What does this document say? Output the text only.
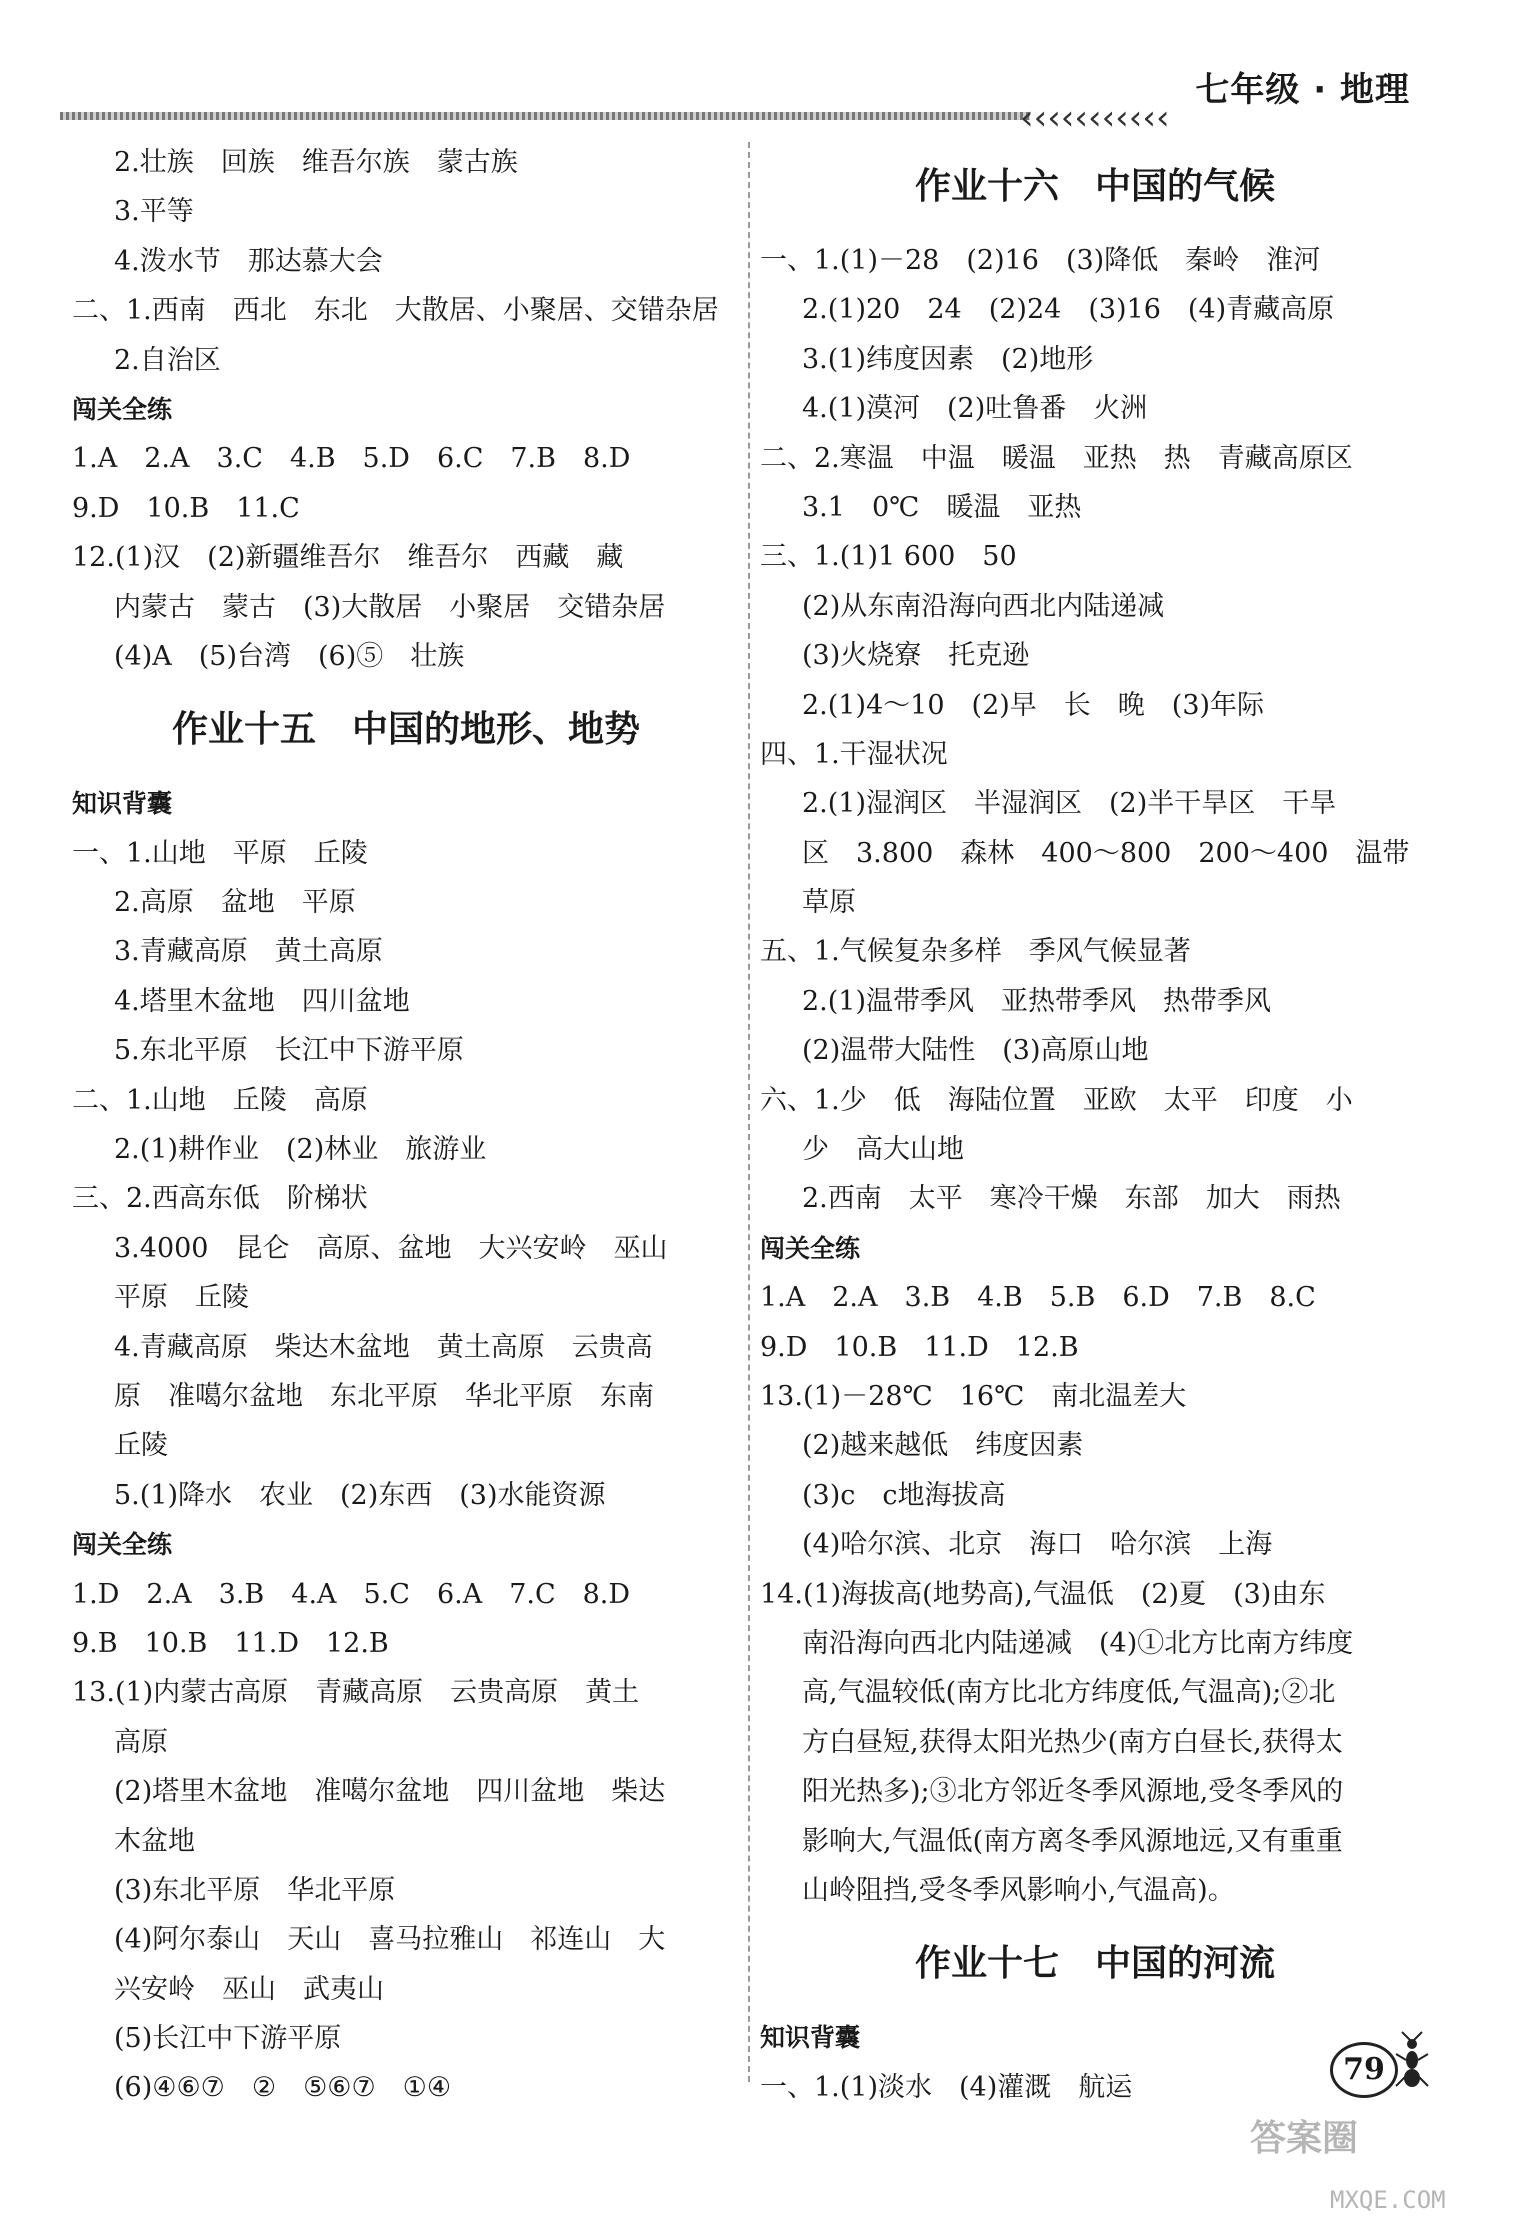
七年级 · 地理
‹‹‹‹‹‹‹‹‹‹‹
2.壮族　回族　维吾尔族　蒙古族
3.平等
4.泼水节　那达慕大会
二、1.西南　西北　东北　大散居、小聚居、交错杂居
2.自治区
闯关全练
1.A　2.A　3.C　4.B　5.D　6.C　7.B　8.D
9.D　10.B　11.C
12.(1)汉　(2)新疆维吾尔　维吾尔　西藏　藏
内蒙古　蒙古　(3)大散居　小聚居　交错杂居
(4)A　(5)台湾　(6)⑤　壮族
作业十五　中国的地形、地势
知识背囊
一、1.山地　平原　丘陵
2.高原　盆地　平原
3.青藏高原　黄土高原
4.塔里木盆地　四川盆地
5.东北平原　长江中下游平原
二、1.山地　丘陵　高原
2.(1)耕作业　(2)林业　旅游业
三、2.西高东低　阶梯状
3.4000　昆仑　高原、盆地　大兴安岭　巫山
平原　丘陵
4.青藏高原　柴达木盆地　黄土高原　云贵高
原　准噶尔盆地　东北平原　华北平原　东南
丘陵
5.(1)降水　农业　(2)东西　(3)水能资源
闯关全练
1.D　2.A　3.B　4.A　5.C　6.A　7.C　8.D
9.B　10.B　11.D　12.B
13.(1)内蒙古高原　青藏高原　云贵高原　黄土
高原
(2)塔里木盆地　准噶尔盆地　四川盆地　柴达
木盆地
(3)东北平原　华北平原
(4)阿尔泰山　天山　喜马拉雅山　祁连山　大
兴安岭　巫山　武夷山
(5)长江中下游平原
(6)④⑥⑦　②　⑤⑥⑦　①④
作业十六　中国的气候
一、1.(1)－28　(2)16　(3)降低　秦岭　淮河
2.(1)20　24　(2)24　(3)16　(4)青藏高原
3.(1)纬度因素　(2)地形
4.(1)漠河　(2)吐鲁番　火洲
二、2.寒温　中温　暖温　亚热　热　青藏高原区
3.1　0℃　暖温　亚热
三、1.(1)1 600　50
(2)从东南沿海向西北内陆递减
(3)火烧寮　托克逊
2.(1)4～10　(2)早　长　晚　(3)年际
四、1.干湿状况
2.(1)湿润区　半湿润区　(2)半干旱区　干旱
区　3.800　森林　400～800　200～400　温带
草原
五、1.气候复杂多样　季风气候显著
2.(1)温带季风　亚热带季风　热带季风
(2)温带大陆性　(3)高原山地
六、1.少　低　海陆位置　亚欧　太平　印度　小
少　高大山地
2.西南　太平　寒冷干燥　东部　加大　雨热
闯关全练
1.A　2.A　3.B　4.B　5.B　6.D　7.B　8.C
9.D　10.B　11.D　12.B
13.(1)－28℃　16℃　南北温差大
(2)越来越低　纬度因素
(3)c　c地海拔高
(4)哈尔滨、北京　海口　哈尔滨　上海
14.(1)海拔高(地势高),气温低　(2)夏　(3)由东
南沿海向西北内陆递减　(4)①北方比南方纬度
高,气温较低(南方比北方纬度低,气温高);②北
方白昼短,获得太阳光热少(南方白昼长,获得太
阳光热多);③北方邻近冬季风源地,受冬季风的
影响大,气温低(南方离冬季风源地远,又有重重
山岭阻挡,受冬季风影响小,气温高)。
作业十七　中国的河流
知识背囊
一、1.(1)淡水　(4)灌溉　航运
79
答案圈
MXQE.COM
